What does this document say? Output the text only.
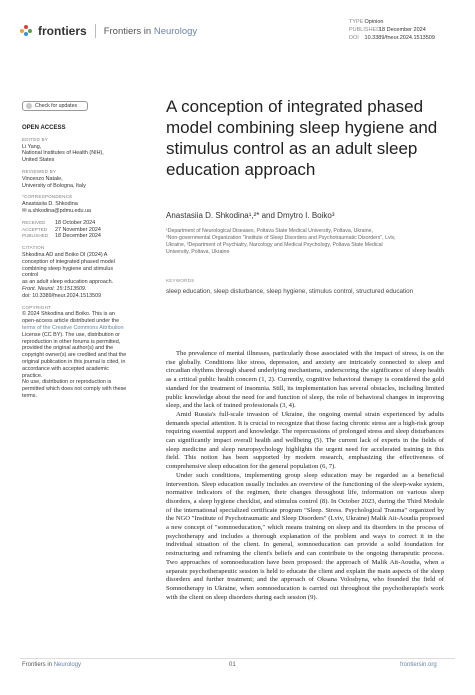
frontiers Frontiers in Neurology
TYPE Opinion
PUBLISHED18 December 2024
DOI 10.3389/fneur.2024.1513509
Check for updates
OPEN ACCESS
EDITED BY
Li Yang,
National Institutes of Health (NIH),
United States
REVIEWED BY
Vincenzo Natale,
University of Bologna, Italy
*CORRESPONDENCE
Anastasiia D. Shkodina
✉ a.shkodina@pdmu.edu.ua
RECEIVED	18 October 2024
ACCEPTED	27 November 2024
PUBLISHED	18 December 2024
CITATION
Shkodina AD and Boiko DI (2024) A
conception of integrated phased model
combining sleep hygiene and stimulus control
as an adult sleep education approach.
Front. Neurol. 15:1513509.
doi: 10.3389/fneur.2024.1513509
COPYRIGHT
© 2024 Shkodina and Boiko. This is an
open-access article distributed under the
terms of the Creative Commons Attribution
License (CC BY). The use, distribution or
reproduction in other forums is permitted,
provided the original author(s) and the
copyright owner(s) are credited and that the
original publication in this journal is cited, in
accordance with accepted academic practice.
No use, distribution or reproduction is
permitted which does not comply with these
terms.
A conception of integrated phased model combining sleep hygiene and stimulus control as an adult sleep education approach
Anastasiia D. Shkodina¹,²* and Dmytro I. Boiko³
¹Department of Neurological Diseases, Poltava State Medical University, Poltava, Ukraine,
²Non-governmental Organization "Institute of Sleep Disorders and Psychotraumatic Disorders", Lviv,
Ukraine, ³Department of Psychiatry, Narcology and Medical Psychology, Poltava State Medical
University, Poltava, Ukraine
KEYWORDS
sleep education, sleep disturbance, sleep hygiene, stimulus control, structured education

The prevalence of mental illnesses, particularly those associated with the impact of stress, is on the rise globally. Conditions like stress, depression, and anxiety are intricately connected to sleep and circadian rhythms through shared underlying mechanisms, underscoring the significance of sleep health as a critical public health concern (1, 2). Currently, cognitive behavioral therapy is considered the gold standard for the treatment of insomnia. Still, its implementation has several obstacles, including limited public knowledge about the need for and function of sleep, the role of behavioral changes in improving sleep, and the lack of trained professionals (3, 4).

Amid Russia's full-scale invasion of Ukraine, the ongoing mental strain experienced by adults demands special attention. It is crucial to recognize that those facing chronic stress are a high-risk group requiring essential support and knowledge. The repercussions of prolonged stress and sleep disturbances can significantly impact overall health and wellbeing (5). The current lack of experts in the fields of sleep medicine and sleep neuropsychology highlights the urgent need for accelerated training in this field. This notion has been supported by modern research, emphasizing the effectiveness of comprehensive sleep education for the general population (6, 7).

Under such conditions, implementing group sleep education may be regarded as a beneficial intervention. Sleep education usually includes an overview of the functioning of the sleep-wake system, normative indicators of the regimen, their changes throughout life, information on various sleep disorders, a sleep hygiene checklist, and stimulus control (8). In October 2023, during the Third Module of the international specialized certificate program "Sleep. Stress. Psychological Trauma" organized by the NGO "Institute of Psychotraumatic and Sleep Disorders" (Lviv, Ukraine) Malik Ait-Aoudia proposed a new concept of "somnoeducation," which means training on sleep and its disorders in the process of psychotherapy and includes a thorough explanation of the problem and ways to correct it in the individual situation of the client. In general, somnoeducation can provide a solid foundation for restructuring and reframing the client's beliefs and can contribute to the ongoing therapeutic process. Two approaches of somnoeducation have been proposed: the approach of Malik Ait-Aoudia, when a separate psychotherapeutic session is held to educate the client and explain the main aspects of the sleep disorders and further treatment; and the approach of Oksana Voloshyna, who founded the field of Somnotherapy in Ukraine, when somnoeducation is carried out throughout the psychotherapist's work with the client on sleep disorders during each session (9).

Frontiers in Neurology	01	frontiersin.org
